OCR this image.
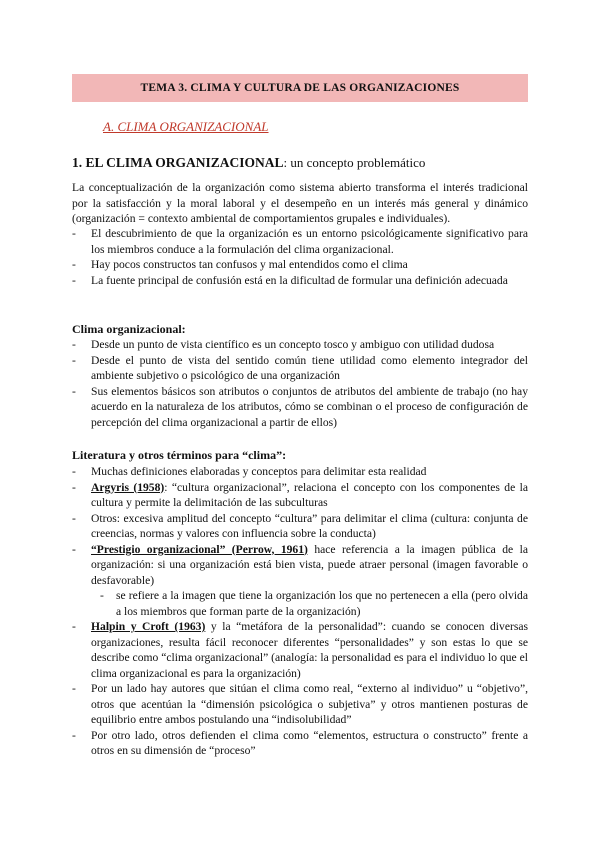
TEMA 3. CLIMA Y CULTURA DE LAS ORGANIZACIONES
A. CLIMA ORGANIZACIONAL
1. EL CLIMA ORGANIZACIONAL: un concepto problemático
La conceptualización de la organización como sistema abierto transforma el interés tradicional por la satisfacción y la moral laboral y el desempeño en un interés más general y dinámico (organización = contexto ambiental de comportamientos grupales e individuales).
- El descubrimiento de que la organización es un entorno psicológicamente significativo para los miembros conduce a la formulación del clima organizacional.
- Hay pocos constructos tan confusos y mal entendidos como el clima
- La fuente principal de confusión está en la dificultad de formular una definición adecuada
Clima organizacional:
- Desde un punto de vista científico es un concepto tosco y ambiguo con utilidad dudosa
- Desde el punto de vista del sentido común tiene utilidad como elemento integrador del ambiente subjetivo o psicológico de una organización
- Sus elementos básicos son atributos o conjuntos de atributos del ambiente de trabajo (no hay acuerdo en la naturaleza de los atributos, cómo se combinan o el proceso de configuración de percepción del clima organizacional a partir de ellos)
Literatura y otros términos para “clima”:
- Muchas definiciones elaboradas y conceptos para delimitar esta realidad
- Argyris (1958): “cultura organizacional”, relaciona el concepto con los componentes de la cultura y permite la delimitación de las subculturas
- Otros: excesiva amplitud del concepto “cultura” para delimitar el clima (cultura: conjunta de creencias, normas y valores con influencia sobre la conducta)
- “Prestigio organizacional” (Perrow, 1961) hace referencia a la imagen pública de la organización: si una organización está bien vista, puede atraer personal (imagen favorable o desfavorable)
- se refiere a la imagen que tiene la organización los que no pertenecen a ella (pero olvida a los miembros que forman parte de la organización)
- Halpin y Croft (1963) y la “metáfora de la personalidad”: cuando se conocen diversas organizaciones, resulta fácil reconocer diferentes “personalidades” y son estas lo que se describe como “clima organizacional” (analogía: la personalidad es para el individuo lo que el clima organizacional es para la organización)
- Por un lado hay autores que sitúan el clima como real, “externo al individuo” u “objetivo”, otros que acentúan la “dimensión psicológica o subjetiva” y otros mantienen posturas de equilibrio entre ambos postulando una “indisolubilidad”
- Por otro lado, otros defienden el clima como “elementos, estructura o constructo” frente a otros en su dimensión de “proceso”
